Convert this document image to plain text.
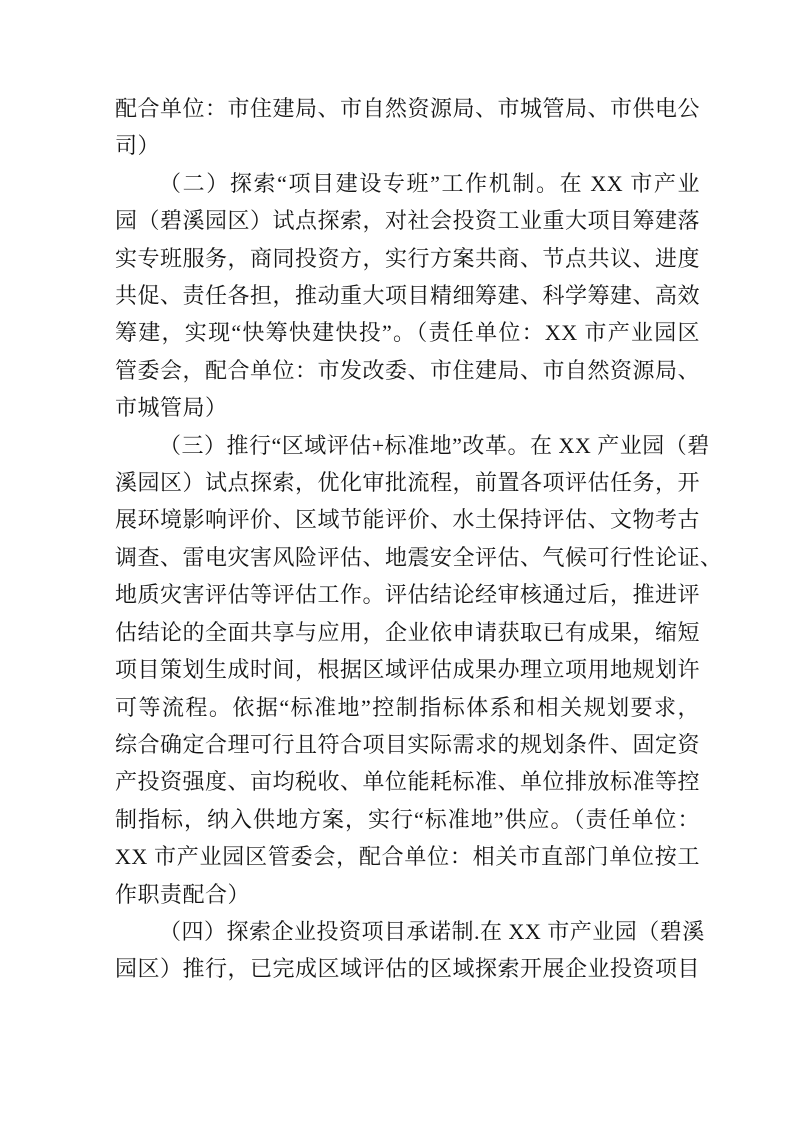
配合单位：市住建局、市自然资源局、市城管局、市供电公
司）
（二）探索“项目建设专班”工作机制。在 XX 市产业
园（碧溪园区）试点探索，对社会投资工业重大项目筹建落
实专班服务，商同投资方，实行方案共商、节点共议、进度
共促、责任各担，推动重大项目精细筹建、科学筹建、高效
筹建，实现“快筹快建快投”。（责任单位：XX 市产业园区
管委会，配合单位：市发改委、市住建局、市自然资源局、
市城管局）
（三）推行“区域评估+标准地”改革。在 XX 产业园（碧
溪园区）试点探索，优化审批流程，前置各项评估任务，开
展环境影响评价、区域节能评价、水土保持评估、文物考古
调查、雷电灾害风险评估、地震安全评估、气候可行性论证、
地质灾害评估等评估工作。评估结论经审核通过后，推进评
估结论的全面共享与应用，企业依申请获取已有成果，缩短
项目策划生成时间，根据区域评估成果办理立项用地规划许
可等流程。依据“标准地”控制指标体系和相关规划要求，
综合确定合理可行且符合项目实际需求的规划条件、固定资
产投资强度、亩均税收、单位能耗标准、单位排放标准等控
制指标，纳入供地方案，实行“标准地”供应。（责任单位：
XX 市产业园区管委会，配合单位：相关市直部门单位按工
作职责配合）
（四）探索企业投资项目承诺制.在 XX 市产业园（碧溪
园区）推行，已完成区域评估的区域探索开展企业投资项目
